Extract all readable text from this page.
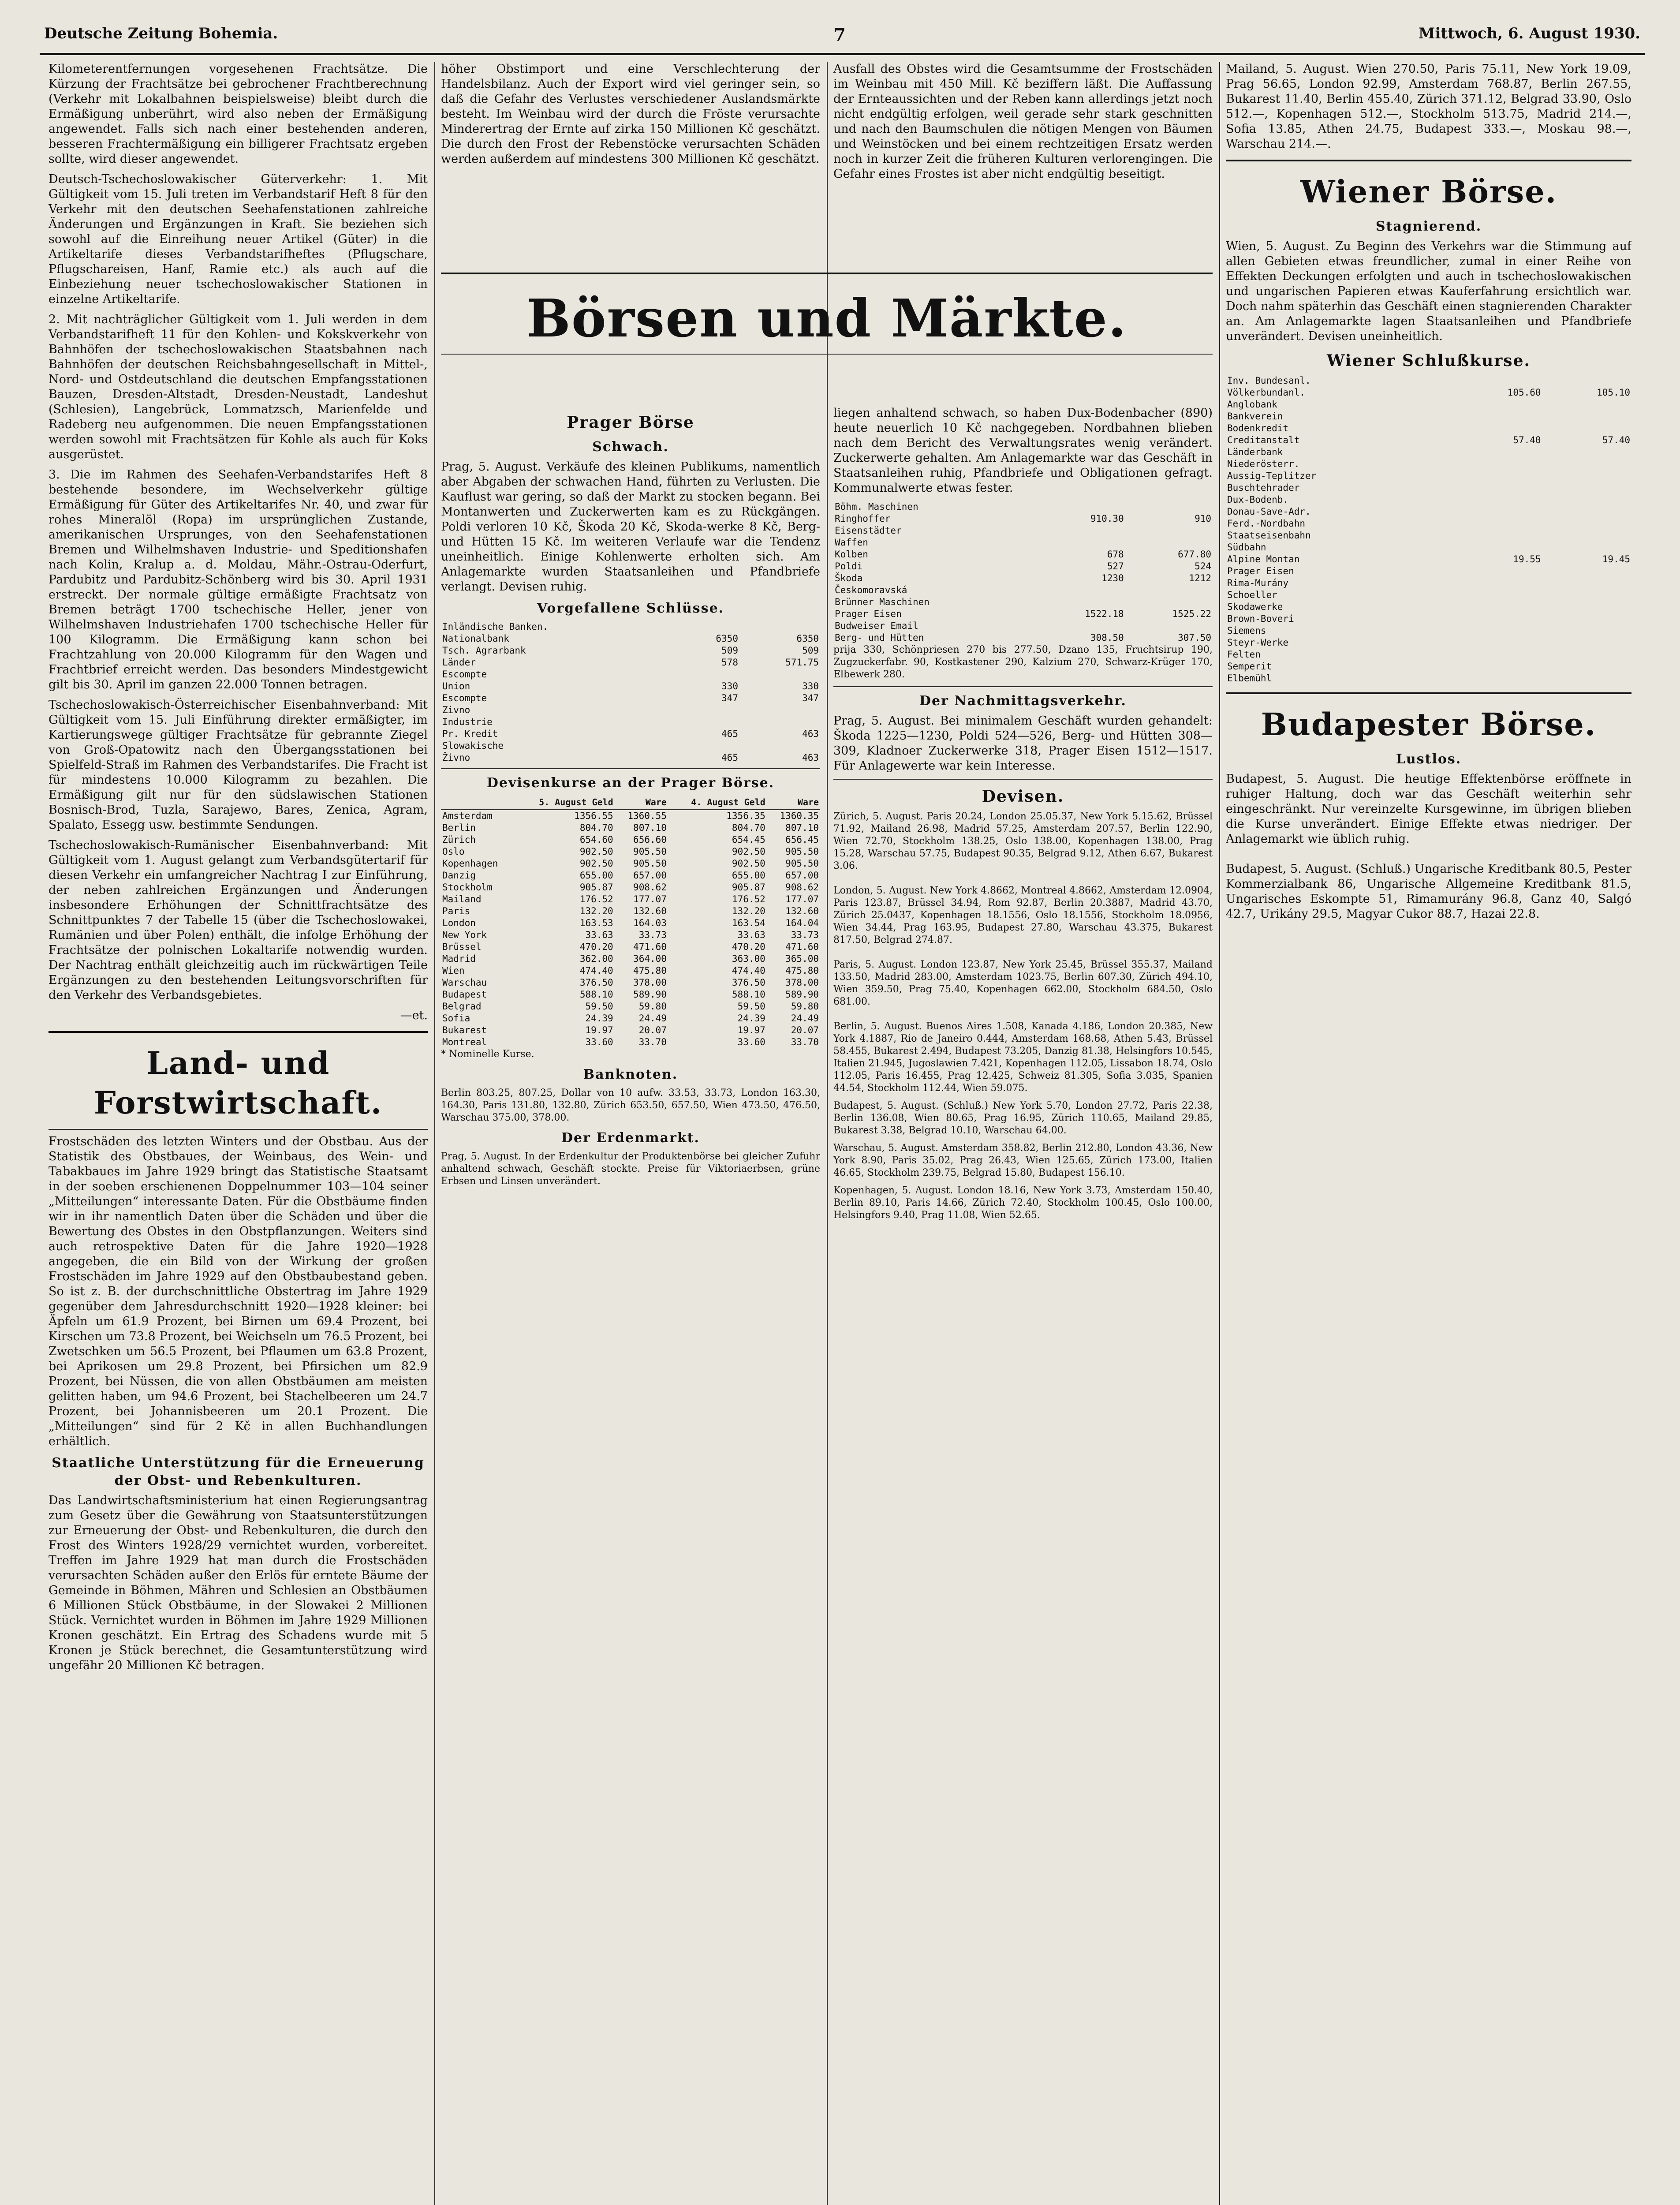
Deutsche Zeitung Bohemia.	7	Mittwoch, 6. August 1930.

Kilometerentfernungen vorgesehenen Frachtsätze. Die Kürzung der Frachtsätze bei gebrochener Frachtberechnung (Verkehr mit Lokalbahnen beispielsweise) bleibt durch die Ermäßigung unberührt, wird also neben der Ermäßigung angewendet. Falls sich nach einer bestehenden anderen, besseren Frachtermäßigung ein billigerer Frachtsatz ergeben sollte, wird dieser angewendet.

Deutsch-Tschechoslowakischer Güterverkehr: 1. Mit Gültigkeit vom 15. Juli treten im Verbandstarif Heft 8 für den Verkehr mit den deutschen Seehafenstationen zahlreiche Änderungen und Ergänzungen in Kraft. Sie beziehen sich sowohl auf die Einreihung neuer Artikel (Güter) in die Artikeltarife dieses Verbandstarifheftes (Pflugschare, Pflugschareisen, Hanf, Ramie etc.) als auch auf die Einbeziehung neuer tschechoslowakischer Stationen in einzelne Artikeltarife.

2. Mit nachträglicher Gültigkeit vom 1. Juli werden in dem Verbandstarifheft 11 für den Kohlen- und Kokskverkehr von Bahnhöfen der tschechoslowakischen Staatsbahnen nach Bahnhöfen der deutschen Reichsbahngesellschaft in Mittel-, Nord- und Ostdeutschland die deutschen Empfangsstationen Bauzen, Dresden-Altstadt, Dresden-Neustadt, Landeshut (Schlesien), Langebrück, Lommatzsch, Marienfelde und Radeberg neu aufgenommen. Die neuen Empfangsstationen werden sowohl mit Frachtsätzen für Kohle als auch für Koks ausgerüstet.

3. Die im Rahmen des Seehafen-Verbandstarifes Heft 8 bestehende besondere, im Wechselverkehr gültige Ermäßigung für Güter des Artikeltarifes Nr. 40, und zwar für rohes Mineralöl (Ropa) im ursprünglichen Zustande, amerikanischen Ursprunges, von den Seehafenstationen Bremen und Wilhelmshaven Industrie- und Speditionshafen nach Kolin, Kralup a. d. Moldau, Mähr.-Ostrau-Oderfurt, Pardubitz und Pardubitz-Schönberg wird bis 30. April 1931 erstreckt. Der normale gültige ermäßigte Frachtsatz von Bremen beträgt 1700 tschechische Heller, jener von Wilhelmshaven Industriehafen 1700 tschechische Heller für 100 Kilogramm. Die Ermäßigung kann schon bei Frachtzahlung von 20.000 Kilogramm für den Wagen und Frachtbrief erreicht werden. Das besonders Mindestgewicht gilt bis 30. April im ganzen 22.000 Tonnen betragen.

Tschechoslowakisch-Österreichischer Eisenbahnverband: Mit Gültigkeit vom 15. Juli Einführung direkter ermäßigter, im Kartierungswege gültiger Frachtsätze für gebrannte Ziegel von Groß-Opatowitz nach den Übergangsstationen bei Spielfeld-Straß im Rahmen des Verbandstarifes. Die Fracht ist für mindestens 10.000 Kilogramm zu bezahlen. Die Ermäßigung gilt nur für den südslawischen Stationen Bosnisch-Brod, Tuzla, Sarajewo, Bares, Zenica, Agram, Spalato, Essegg usw. bestimmte Sendungen.

Tschechoslowakisch-Rumänischer Eisenbahnverband: Mit Gültigkeit vom 1. August gelangt zum Verbandsgütertarif für diesen Verkehr ein umfangreicher Nachtrag I zur Einführung, der neben zahlreichen Ergänzungen und Änderungen insbesondere Erhöhungen der Schnittfrachtsätze des Schnittpunktes 7 der Tabelle 15 (über die Tschechoslowakei, Rumänien und über Polen) enthält, die infolge Erhöhung der Frachtsätze der polnischen Lokaltarife notwendig wurden. Der Nachtrag enthält gleichzeitig auch im rückwärtigen Teile Ergänzungen zu den bestehenden Leitungsvorschriften für den Verkehr des Verbandsgebietes.

—et.

Land- und Forstwirtschaft.

Frostschäden des letzten Winters und der Obstbau. Aus der Statistik des Obstbaues, der Weinbaus, des Wein- und Tabakbaues im Jahre 1929 bringt das Statistische Staatsamt in der soeben erschienenen Doppelnummer 103—104 seiner „Mitteilungen“ interessante Daten. Für die Obstbäume finden wir in ihr namentlich Daten über die Schäden und über die Bewertung des Obstes in den Obstpflanzungen. Weiters sind auch retrospektive Daten für die Jahre 1920—1928 angegeben, die ein Bild von der Wirkung der großen Frostschäden im Jahre 1929 auf den Obstbaubestand geben. So ist z. B. der durchschnittliche Obstertrag im Jahre 1929 gegenüber dem Jahresdurchschnitt 1920—1928 kleiner: bei Äpfeln um 61.9 Prozent, bei Birnen um 69.4 Prozent, bei Kirschen um 73.8 Prozent, bei Weichseln um 76.5 Prozent, bei Zwetschken um 56.5 Prozent, bei Pflaumen um 63.8 Prozent, bei Aprikosen um 29.8 Prozent, bei Pfirsichen um 82.9 Prozent, bei Nüssen, die von allen Obstbäumen am meisten gelitten haben, um 94.6 Prozent, bei Stachelbeeren um 24.7 Prozent, bei Johannisbeeren um 20.1 Prozent. Die „Mitteilungen“ sind für 2 Kč in allen Buchhandlungen erhältlich.

Staatliche Unterstützung für die Erneuerung der Obst- und Rebenkulturen.

Das Landwirtschaftsministerium hat einen Regierungsantrag zum Gesetz über die Gewährung von Staatsunterstützungen zur Erneuerung der Obst- und Rebenkulturen, die durch den Frost des Winters 1928/29 vernichtet wurden, vorbereitet. Treffen im Jahre 1929 hat man durch die Frostschäden verursachten Schäden außer den Erlös für erntete Bäume der Gemeinde in Böhmen, Mähren und Schlesien an Obstbäumen 6 Millionen Stück Obstbäume, in der Slowakei 2 Millionen Stück. Vernichtet wurden in Böhmen im Jahre 1929 Millionen Kronen geschätzt. Ein Ertrag des Schadens wurde mit 5 Kronen je Stück berechnet, die Gesamtunterstützung wird ungefähr 20 Millionen Kč betragen.

höher Obstimport und eine Verschlechterung der Handelsbilanz. Auch der Export wird viel geringer sein, so daß die Gefahr des Verlustes verschiedener Auslandsmärkte besteht. Im Weinbau wird der durch die Fröste verursachte Minderertrag der Ernte auf zirka 150 Millionen Kč geschätzt. Die durch den Frost der Rebenstöcke verursachten Schäden werden außerdem auf mindestens 300 Millionen Kč geschätzt.

Ausfall des Obstes wird die Gesamtsumme der Frostschäden im Weinbau mit 450 Mill. Kč beziffern läßt. Die Auffassung der Ernteaussichten und der Reben kann allerdings jetzt noch nicht endgültig erfolgen, weil gerade sehr stark geschnitten und nach den Baumschulen die nötigen Mengen von Bäumen und Weinstöcken und bei einem rechtzeitigen Ersatz werden noch in kurzer Zeit die früheren Kulturen verlorengingen. Die Gefahr eines Frostes ist aber nicht endgültig beseitigt.

Börsen und Märkte.
Prager Börse
Schwach.

Prag, 5. August. Verkäufe des kleinen Publikums, namentlich aber Abgaben der schwachen Hand, führten zu Verlusten. Die Kauflust war gering, so daß der Markt zu stocken begann. Bei Montanwerten und Zuckerwerten kam es zu Rückgängen. Poldi verloren 10 Kč, Škoda 20 Kč, Skoda-werke 8 Kč, Berg- und Hütten 15 Kč. Im weiteren Verlaufe war die Tendenz uneinheitlich. Einige Kohlenwerte erholten sich. Am Anlagemarkte wurden Staatsanleihen und Pfandbriefe verlangt. Devisen ruhig.

Vorgefallene Schlüsse.
Inländische Banken.		
Nationalbank	6350	6350
Tsch. Agrarbank	509	509
Länder	578	571.75
Escompte		
Union	330	330
Escompte	347	347
Zivno		
Industrie		
Pr. Kredit	465	463
Slowakische		
Živno	465	463
Devisenkurse an der Prager Börse.
	5. August Geld	Ware	4. August Geld	Ware
Amsterdam	1356.55	1360.55	1356.35	1360.35
Berlin	804.70	807.10	804.70	807.10
Zürich	654.60	656.60	654.45	656.45
Oslo	902.50	905.50	902.50	905.50
Kopenhagen	902.50	905.50	902.50	905.50
Danzig	655.00	657.00	655.00	657.00
Stockholm	905.87	908.62	905.87	908.62
Mailand	176.52	177.07	176.52	177.07
Paris	132.20	132.60	132.20	132.60
London	163.53	164.03	163.54	164.04
New York	33.63	33.73	33.63	33.73
Brüssel	470.20	471.60	470.20	471.60
Madrid	362.00	364.00	363.00	365.00
Wien	474.40	475.80	474.40	475.80
Warschau	376.50	378.00	376.50	378.00
Budapest	588.10	589.90	588.10	589.90
Belgrad	59.50	59.80	59.50	59.80
Sofia	24.39	24.49	24.39	24.49
Bukarest	19.97	20.07	19.97	20.07
Montreal	33.60	33.70	33.60	33.70

* Nominelle Kurse.

Banknoten.

Berlin 803.25, 807.25, Dollar von 10 aufw. 33.53, 33.73, London 163.30, 164.30, Paris 131.80, 132.80, Zürich 653.50, 657.50, Wien 473.50, 476.50, Warschau 375.00, 378.00.

Der Erdenmarkt.

Prag, 5. August. In der Erdenkultur der Produktenbörse bei gleicher Zufuhr anhaltend schwach, Geschäft stockte. Preise für Viktoriaerbsen, grüne Erbsen und Linsen unverändert.

liegen anhaltend schwach, so haben Dux-Bodenbacher (890) heute neuerlich 10 Kč nachgegeben. Nordbahnen blieben nach dem Bericht des Verwaltungsrates wenig verändert. Zuckerwerte gehalten. Am Anlagemarkte war das Geschäft in Staatsanleihen ruhig, Pfandbriefe und Obligationen gefragt. Kommunalwerte etwas fester.

Böhm. Maschinen		
Ringhoffer	910.30	910
Eisenstädter		
Waffen		
Kolben	678	677.80
Poldi	527	524
Škoda	1230	1212
Českomoravská		
Brünner Maschinen		
Prager Eisen	1522.18	1525.22
Budweiser Email		
Berg- und Hütten	308.50	307.50

prija 330, Schönpriesen 270 bis 277.50, Dzano 135, Fruchtsirup 190, Zugzuckerfabr. 90, Kostkastener 290, Kalzium 270, Schwarz-Krüger 170, Elbewerk 280.

Der Nachmittagsverkehr.

Prag, 5. August. Bei minimalem Geschäft wurden gehandelt: Škoda 1225—1230, Poldi 524—526, Berg- und Hütten 308—309, Kladnoer Zuckerwerke 318, Prager Eisen 1512—1517. Für Anlagewerte war kein Interesse.

Devisen.

Zürich, 5. August. Paris 20.24, London 25.05.37, New York 5.15.62, Brüssel 71.92, Mailand 26.98, Madrid 57.25, Amsterdam 207.57, Berlin 122.90, Wien 72.70, Stockholm 138.25, Oslo 138.00, Kopenhagen 138.00, Prag 15.28, Warschau 57.75, Budapest 90.35, Belgrad 9.12, Athen 6.67, Bukarest 3.06.

London, 5. August. New York 4.8662, Montreal 4.8662, Amsterdam 12.0904, Paris 123.87, Brüssel 34.94, Rom 92.87, Berlin 20.3887, Madrid 43.70, Zürich 25.0437, Kopenhagen 18.1556, Oslo 18.1556, Stockholm 18.0956, Wien 34.44, Prag 163.95, Budapest 27.80, Warschau 43.375, Bukarest 817.50, Belgrad 274.87.

Paris, 5. August. London 123.87, New York 25.45, Brüssel 355.37, Mailand 133.50, Madrid 283.00, Amsterdam 1023.75, Berlin 607.30, Zürich 494.10, Wien 359.50, Prag 75.40, Kopenhagen 662.00, Stockholm 684.50, Oslo 681.00.

Berlin, 5. August. Buenos Aires 1.508, Kanada 4.186, London 20.385, New York 4.1887, Rio de Janeiro 0.444, Amsterdam 168.68, Athen 5.43, Brüssel 58.455, Bukarest 2.494, Budapest 73.205, Danzig 81.38, Helsingfors 10.545, Italien 21.945, Jugoslawien 7.421, Kopenhagen 112.05, Lissabon 18.74, Oslo 112.05, Paris 16.455, Prag 12.425, Schweiz 81.305, Sofia 3.035, Spanien 44.54, Stockholm 112.44, Wien 59.075.

Budapest, 5. August. (Schluß.) New York 5.70, London 27.72, Paris 22.38, Berlin 136.08, Wien 80.65, Prag 16.95, Zürich 110.65, Mailand 29.85, Bukarest 3.38, Belgrad 10.10, Warschau 64.00.

Warschau, 5. August. Amsterdam 358.82, Berlin 212.80, London 43.36, New York 8.90, Paris 35.02, Prag 26.43, Wien 125.65, Zürich 173.00, Italien 46.65, Stockholm 239.75, Belgrad 15.80, Budapest 156.10.

Kopenhagen, 5. August. London 18.16, New York 3.73, Amsterdam 150.40, Berlin 89.10, Paris 14.66, Zürich 72.40, Stockholm 100.45, Oslo 100.00, Helsingfors 9.40, Prag 11.08, Wien 52.65.

Mailand, 5. August. Wien 270.50, Paris 75.11, New York 19.09, Prag 56.65, London 92.99, Amsterdam 768.87, Berlin 267.55, Bukarest 11.40, Berlin 455.40, Zürich 371.12, Belgrad 33.90, Oslo 512.—, Kopenhagen 512.—, Stockholm 513.75, Madrid 214.—, Sofia 13.85, Athen 24.75, Budapest 333.—, Moskau 98.—, Warschau 214.—.

Wiener Börse.
Stagnierend.

Wien, 5. August. Zu Beginn des Verkehrs war die Stimmung auf allen Gebieten etwas freundlicher, zumal in einer Reihe von Effekten Deckungen erfolgten und auch in tschechoslowakischen und ungarischen Papieren etwas Kauferfahrung ersichtlich war. Doch nahm späterhin das Geschäft einen stagnierenden Charakter an. Am Anlagemarkte lagen Staatsanleihen und Pfandbriefe unverändert. Devisen uneinheitlich.

Wiener Schlußkurse.
Inv. Bundesanl.		
Völkerbundanl.	105.60	105.10
Anglobank		
Bankverein		
Bodenkredit		
Creditanstalt	57.40	57.40
Länderbank		
Niederösterr.		
Aussig-Teplitzer		
Buschtehrader		
Dux-Bodenb.		
Donau-Save-Adr.		
Ferd.-Nordbahn		
Staatseisenbahn		
Südbahn		
Alpine Montan	19.55	19.45
Prager Eisen		
Rima-Murány		
Schoeller		
Skodawerke		
Brown-Boveri		
Siemens		
Steyr-Werke		
Felten		
Semperit		
Elbemühl		
Budapester Börse.
Lustlos.

Budapest, 5. August. Die heutige Effektenbörse eröffnete in ruhiger Haltung, doch war das Geschäft weiterhin sehr eingeschränkt. Nur vereinzelte Kursgewinne, im übrigen blieben die Kurse unverändert. Einige Effekte etwas niedriger. Der Anlagemarkt wie üblich ruhig.

Budapest, 5. August. (Schluß.) Ungarische Kreditbank 80.5, Pester Kommerzialbank 86, Ungarische Allgemeine Kreditbank 81.5, Ungarisches Eskompte 51, Rimamurány 96.8, Ganz 40, Salgó 42.7, Urikány 29.5, Magyar Cukor 88.7, Hazai 22.8.
